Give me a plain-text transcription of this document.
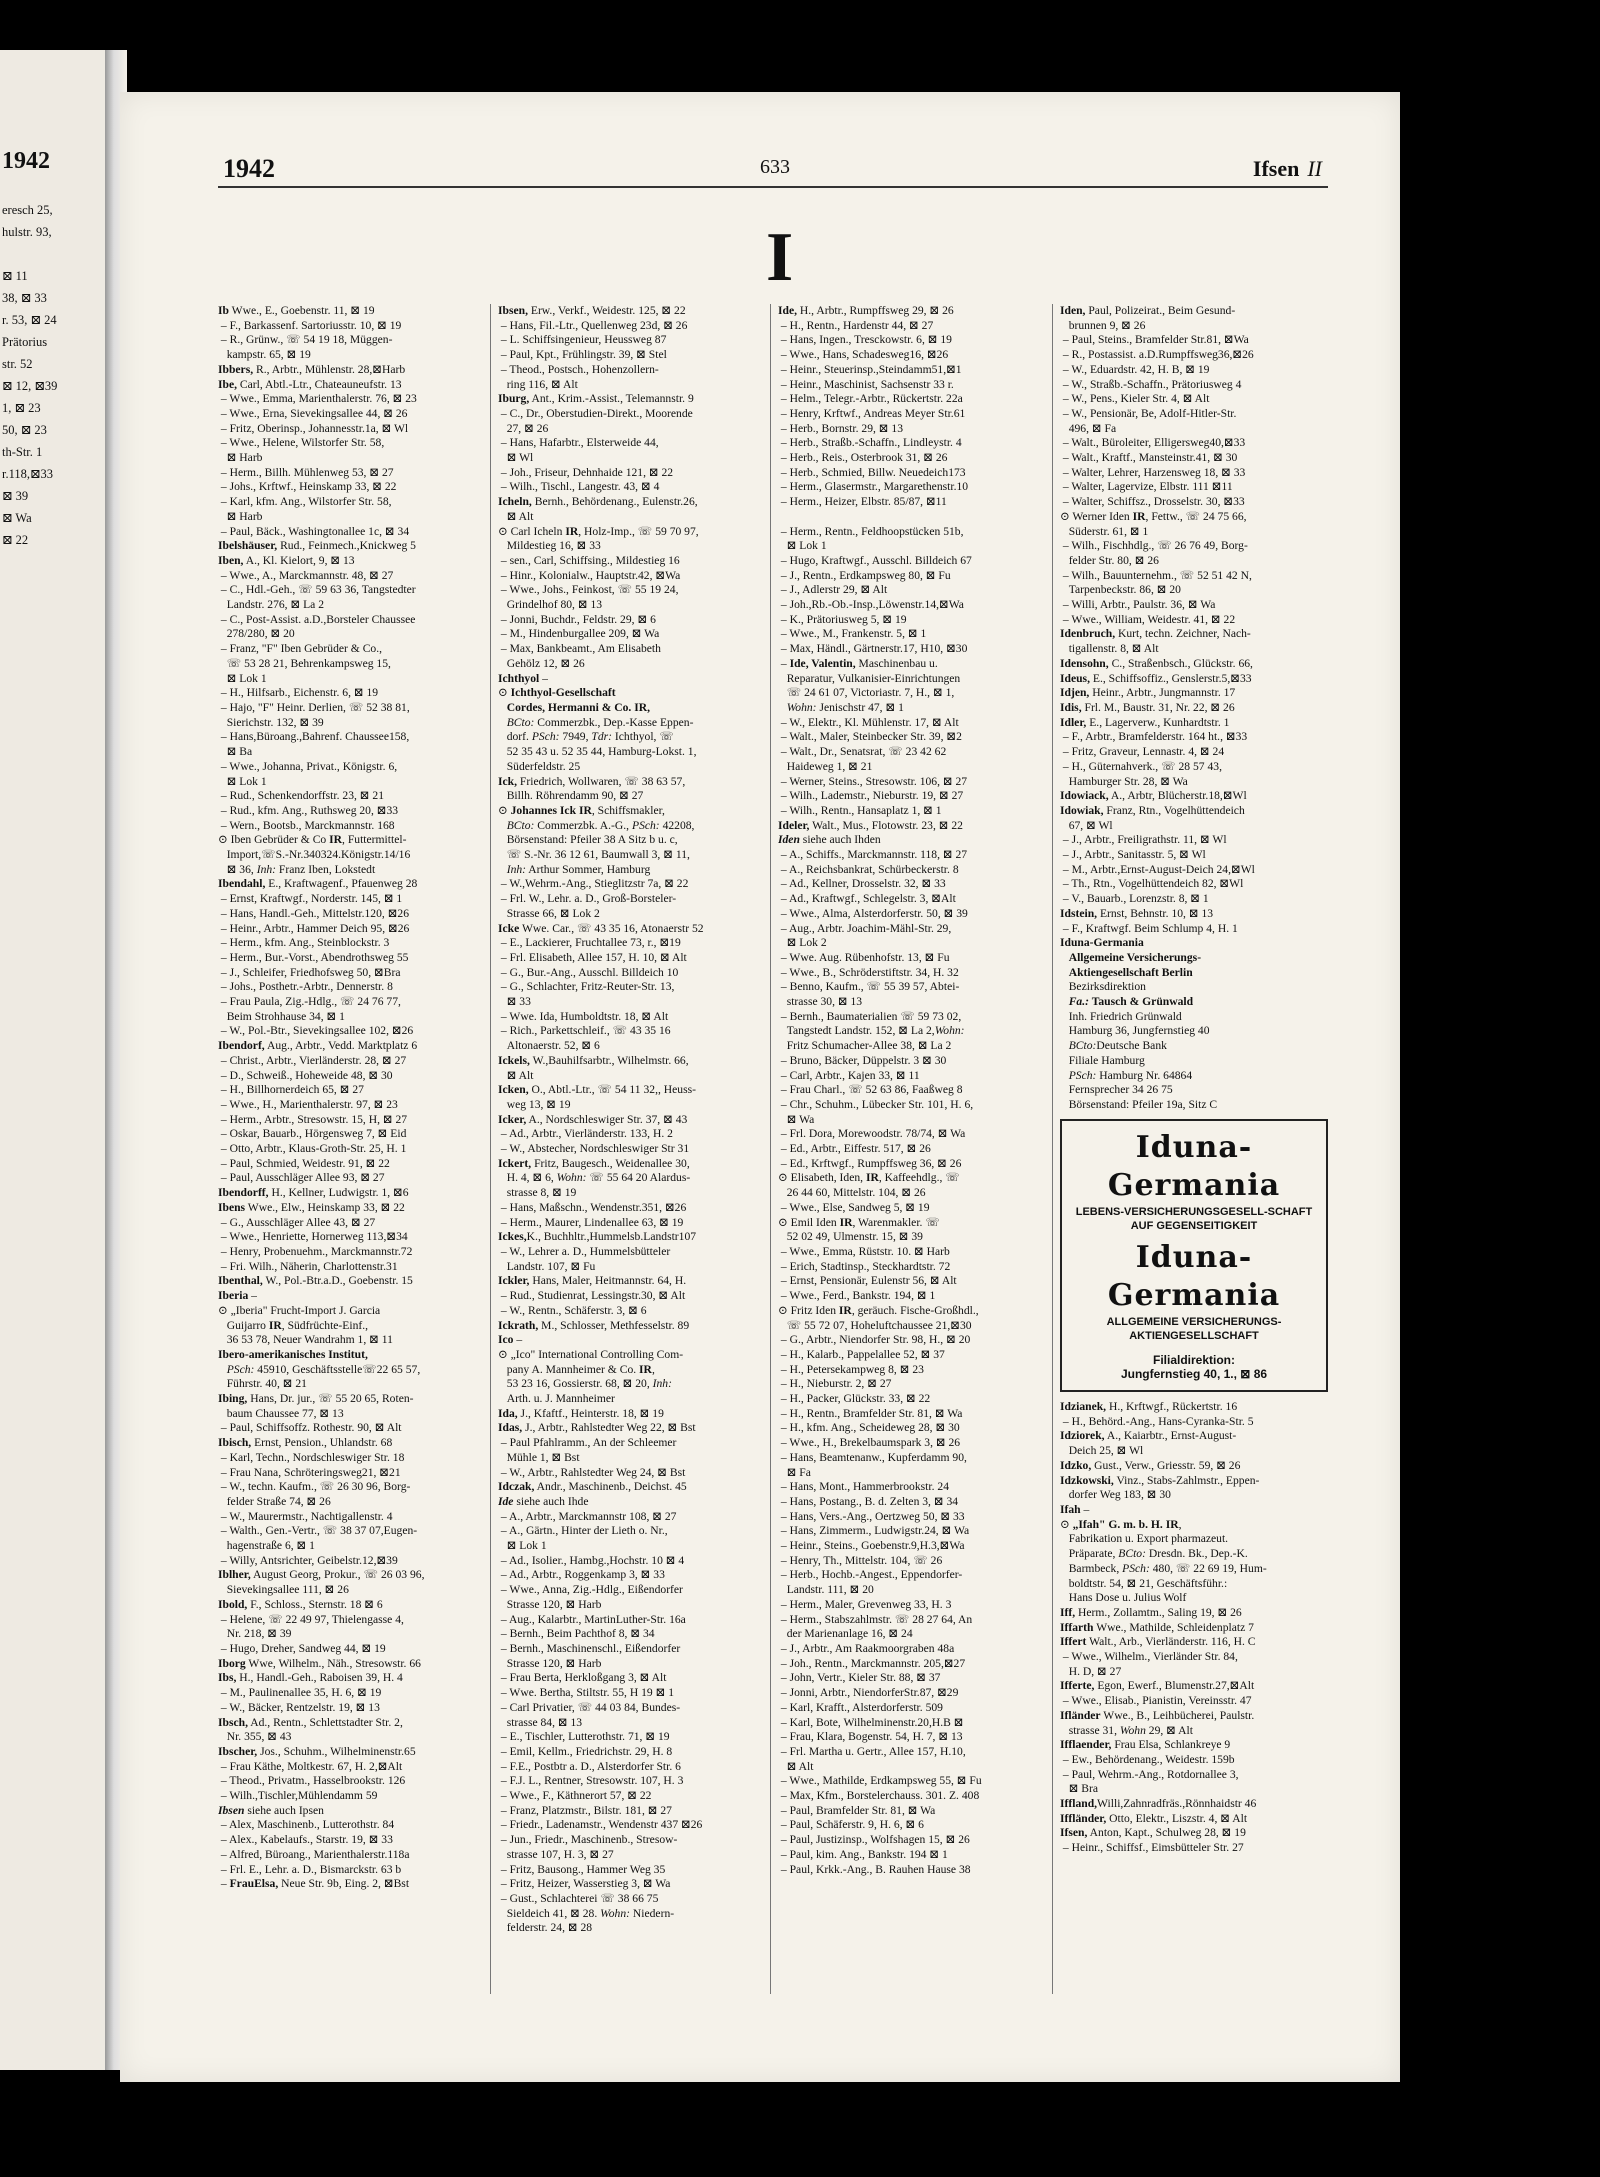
1942
eresch 25,
hulstr. 93,
⊠ 11
38, ⊠ 33
r. 53, ⊠ 24
Prätorius
str. 52
⊠ 12, ⊠39
1, ⊠ 23
50, ⊠ 23
th-Str. 1
r.118,⊠33
⊠ 39
⊠ Wa
⊠ 22
1942	633	Ifsen II
I
Ib Wwe., E., Goebenstr. 11, ⊠ 19
– F., Barkassenf. Sartoriusstr. 10, ⊠ 19
– R., Grünw., ☏ 54 19 18, Müggen-
kampstr. 65, ⊠ 19
Ibbers, R., Arbtr., Mühlenstr. 28,⊠Harb
Ibe, Carl, Abtl.-Ltr., Chateauneufstr. 13
– Wwe., Emma, Marienthalerstr. 76, ⊠ 23
– Wwe., Erna, Sievekingsallee 44, ⊠ 26
– Fritz, Oberinsp., Johannesstr.1a, ⊠ Wl
– Wwe., Helene, Wilstorfer Str. 58,
⊠ Harb
– Herm., Billh. Mühlenweg 53, ⊠ 27
– Johs., Krftwf., Heinskamp 33, ⊠ 22
– Karl, kfm. Ang., Wilstorfer Str. 58,
⊠ Harb
– Paul, Bäck., Washingtonallee 1c, ⊠ 34
Ibelshäuser, Rud., Feinmech.,Knickweg 5
Iben, A., Kl. Kielort, 9, ⊠ 13
– Wwe., A., Marckmannstr. 48, ⊠ 27
– C., Hdl.-Geh., ☏ 59 63 36, Tangstedter
Landstr. 276, ⊠ La 2
– C., Post-Assist. a.D.,Borsteler Chaussee
278/280, ⊠ 20
– Franz, "F" Iben Gebrüder & Co.,
☏ 53 28 21, Behrenkampsweg 15,
⊠ Lok 1
– H., Hilfsarb., Eichenstr. 6, ⊠ 19
– Hajo, "F" Heinr. Derlien, ☏ 52 38 81,
Sierichstr. 132, ⊠ 39
– Hans,Büroang.,Bahrenf. Chaussee158,
⊠ Ba
– Wwe., Johanna, Privat., Königstr. 6,
⊠ Lok 1
– Rud., Schenkendorffstr. 23, ⊠ 21
– Rud., kfm. Ang., Ruthsweg 20, ⊠33
– Wern., Bootsb., Marckmannstr. 168
⊙ Iben Gebrüder & Co IR, Futtermittel-
Import,☏S.-Nr.340324.Königstr.14/16
⊠ 36, Inh: Franz Iben, Lokstedt
Ibendahl, E., Kraftwagenf., Pfauenweg 28
– Ernst, Kraftwgf., Norderstr. 145, ⊠ 1
– Hans, Handl.-Geh., Mittelstr.120, ⊠26
– Heinr., Arbtr., Hammer Deich 95, ⊠26
– Herm., kfm. Ang., Steinblockstr. 3
– Herm., Bur.-Vorst., Abendrothsweg 55
– J., Schleifer, Friedhofsweg 50, ⊠Bra
– Johs., Posthetr.-Arbtr., Dennerstr. 8
– Frau Paula, Zig.-Hdlg., ☏ 24 76 77,
Beim Strohhause 34, ⊠ 1
– W., Pol.-Btr., Sievekingsallee 102, ⊠26
Ibendorf, Aug., Arbtr., Vedd. Marktplatz 6
– Christ., Arbtr., Vierländerstr. 28, ⊠ 27
– D., Schweiß., Hoheweide 48, ⊠ 30
– H., Billhornerdeich 65, ⊠ 27
– Wwe., H., Marienthalerstr. 97, ⊠ 23
– Herm., Arbtr., Stresowstr. 15, H, ⊠ 27
– Oskar, Bauarb., Hörgensweg 7, ⊠ Eid
– Otto, Arbtr., Klaus-Groth-Str. 25, H. 1
– Paul, Schmied, Weidestr. 91, ⊠ 22
– Paul, Ausschläger Allee 93, ⊠ 27
Ibendorff, H., Kellner, Ludwigstr. 1, ⊠6
Ibens Wwe., Elw., Heinskamp 33, ⊠ 22
– G., Ausschläger Allee 43, ⊠ 27
– Wwe., Henriette, Hornerweg 113,⊠34
– Henry, Probenuehm., Marckmannstr.72
– Fri. Wilh., Näherin, Charlottenstr.31
Ibenthal, W., Pol.-Btr.a.D., Goebenstr. 15
Iberia –
⊙ „Iberia" Frucht-Import J. Garcia
Guijarro IR, Südfrüchte-Einf.,
36 53 78, Neuer Wandrahm 1, ⊠ 11
Ibero-amerikanisches Institut,
PSch: 45910, Geschäftsstelle☏22 65 57,
Führstr. 40, ⊠ 21
Ibing, Hans, Dr. jur., ☏ 55 20 65, Roten-
baum Chaussee 77, ⊠ 13
– Paul, Schiffsoffz. Rothestr. 90, ⊠ Alt
Ibisch, Ernst, Pension., Uhlandstr. 68
– Karl, Techn., Nordschleswiger Str. 18
– Frau Nana, Schröteringsweg21, ⊠21
– W., techn. Kaufm., ☏ 26 30 96, Borg-
felder Straße 74, ⊠ 26
– W., Maurermstr., Nachtigallenstr. 4
– Walth., Gen.-Vertr., ☏ 38 37 07,Eugen-
hagenstraße 6, ⊠ 1
– Willy, Antsrichter, Geibelstr.12,⊠39
Iblher, August Georg, Prokur., ☏ 26 03 96,
Sievekingsallee 111, ⊠ 26
Ibold, F., Schloss., Sternstr. 18 ⊠ 6
– Helene, ☏ 22 49 97, Thielengasse 4,
Nr. 218, ⊠ 39
– Hugo, Dreher, Sandweg 44, ⊠ 19
Iborg Wwe, Wilhelm., Näh., Stresowstr. 66
Ibs, H., Handl.-Geh., Raboisen 39, H. 4
– M., Paulinenallee 35, H. 6, ⊠ 19
– W., Bäcker, Rentzelstr. 19, ⊠ 13
Ibsch, Ad., Rentn., Schlettstadter Str. 2,
Nr. 355, ⊠ 43
Ibscher, Jos., Schuhm., Wilhelminenstr.65
– Frau Käthe, Moltkestr. 67, H. 2,⊠Alt
– Theod., Privatm., Hasselbrookstr. 126
– Wilh.,Tischler,Mühlendamm 59
Ibsen siehe auch Ipsen
– Alex, Maschinenb., Lutterothstr. 84
– Alex., Kabelaufs., Starstr. 19, ⊠ 33
– Alfred, Büroang., Marienthalerstr.118a
– Frl. E., Lehr. a. D., Bismarckstr. 63 b
– FrauElsa, Neue Str. 9b, Eing. 2, ⊠Bst
Ibsen, Erw., Verkf., Weidestr. 125, ⊠ 22
– Hans, Fil.-Ltr., Quellenweg 23d, ⊠ 26
– L. Schiffsingenieur, Heussweg 87
– Paul, Kpt., Frühlingstr. 39, ⊠ Stel
– Theod., Postsch., Hohenzollern-
ring 116, ⊠ Alt
Iburg, Ant., Krim.-Assist., Telemannstr. 9
– C., Dr., Oberstudien-Direkt., Moorende
27, ⊠ 26
– Hans, Hafarbtr., Elsterweide 44,
⊠ Wl
– Joh., Friseur, Dehnhaide 121, ⊠ 22
– Wilh., Tischl., Langestr. 43, ⊠ 4
Icheln, Bernh., Behördenang., Eulenstr.26,
⊠ Alt
⊙ Carl Icheln IR, Holz-Imp., ☏ 59 70 97,
Mildestieg 16, ⊠ 33
– sen., Carl, Schiffsing., Mildestieg 16
– Hinr., Kolonialw., Hauptstr.42, ⊠Wa
– Wwe., Johs., Feinkost, ☏ 55 19 24,
Grindelhof 80, ⊠ 13
– Jonni, Buchdr., Feldstr. 29, ⊠ 6
– M., Hindenburgallee 209, ⊠ Wa
– Max, Bankbeamt., Am Elisabeth
Gehölz 12, ⊠ 26
Ichthyol –
⊙ Ichthyol-Gesellschaft
Cordes, Hermanni & Co. IR,
BCto: Commerzbk., Dep.-Kasse Eppen-
dorf. PSch: 7949, Tdr: Ichthyol, ☏
52 35 43 u. 52 35 44, Hamburg-Lokst. 1,
Süderfeldstr. 25
Ick, Friedrich, Wollwaren, ☏ 38 63 57,
Billh. Röhrendamm 90, ⊠ 27
⊙ Johannes Ick IR, Schiffsmakler,
BCto: Commerzbk. A.-G., PSch: 42208,
Börsenstand: Pfeiler 38 A Sitz b u. c,
☏ S.-Nr. 36 12 61, Baumwall 3, ⊠ 11,
Inh: Arthur Sommer, Hamburg
– W.,Wehrm.-Ang., Stieglitzstr 7a, ⊠ 22
– Frl. W., Lehr. a. D., Groß-Borsteler-
Strasse 66, ⊠ Lok 2
Icke Wwe. Car., ☏ 43 35 16, Atonaerstr 52
– E., Lackierer, Fruchtallee 73, r., ⊠19
– Frl. Elisabeth, Allee 157, H. 10, ⊠ Alt
– G., Bur.-Ang., Ausschl. Billdeich 10
– G., Schlachter, Fritz-Reuter-Str. 13,
⊠ 33
– Wwe. Ida, Humboldtstr. 18, ⊠ Alt
– Rich., Parkettschleif., ☏ 43 35 16
Altonaerstr. 52, ⊠ 6
Ickels, W.,Bauhilfsarbtr., Wilhelmstr. 66,
⊠ Alt
Icken, O., Abtl.-Ltr., ☏ 54 11 32,, Heuss-
weg 13, ⊠ 19
Icker, A., Nordschleswiger Str. 37, ⊠ 43
– Ad., Arbtr., Vierländerstr. 133, H. 2
– W., Abstecher, Nordschleswiger Str 31
Ickert, Fritz, Baugesch., Weidenallee 30,
H. 4, ⊠ 6, Wohn: ☏ 55 64 20 Alardus-
strasse 8, ⊠ 19
– Hans, Maßschn., Wendenstr.351, ⊠26
– Herm., Maurer, Lindenallee 63, ⊠ 19
Ickes,K., Buchhltr.,Hummelsb.Landstr107
– W., Lehrer a. D., Hummelsbütteler
Landstr. 107, ⊠ Fu
Ickler, Hans, Maler, Heitmannstr. 64, H.
– Rud., Studienrat, Lessingstr.30, ⊠ Alt
– W., Rentn., Schäferstr. 3, ⊠ 6
Ickrath, M., Schlosser, Methfesselstr. 89
Ico –
⊙ „Ico" International Controlling Com-
pany A. Mannheimer & Co. IR,
53 23 16, Gossierstr. 68, ⊠ 20, Inh:
Arth. u. J. Mannheimer
Ida, J., Kfaftf., Heinterstr. 18, ⊠ 19
Idas, J., Arbtr., Rahlstedter Weg 22, ⊠ Bst
– Paul Pfahlramm., An der Schleemer
Mühle 1, ⊠ Bst
– W., Arbtr., Rahlstedter Weg 24, ⊠ Bst
Idczak, Andr., Maschinenb., Deichst. 45
Ide siehe auch Ihde
– A., Arbtr., Marckmannstr 108, ⊠ 27
– A., Gärtn., Hinter der Lieth o. Nr.,
⊠ Lok 1
– Ad., Isolier., Hambg.,Hochstr. 10 ⊠ 4
– Ad., Arbtr., Roggenkamp 3, ⊠ 33
– Wwe., Anna, Zig.-Hdlg., Eißendorfer
Strasse 120, ⊠ Harb
– Aug., Kalarbtr., MartinLuther-Str. 16a
– Bernh., Beim Pachthof 8, ⊠ 34
– Bernh., Maschinenschl., Eißendorfer
Strasse 120, ⊠ Harb
– Frau Berta, Herkloßgang 3, ⊠ Alt
– Wwe. Bertha, Stiltstr. 55, H 19 ⊠ 1
– Carl Privatier, ☏ 44 03 84, Bundes-
strasse 84, ⊠ 13
– E., Tischler, Lutterothstr. 71, ⊠ 19
– Emil, Kellm., Friedrichstr. 29, H. 8
– F.E., Postbtr a. D., Alsterdorfer Str. 6
– F.J. L., Rentner, Stresowstr. 107, H. 3
– Wwe., F., Käthnerort 57, ⊠ 22
– Franz, Platzmstr., Bilstr. 181, ⊠ 27
– Friedr., Ladenamstr., Wendenstr 437 ⊠26
– Jun., Friedr., Maschinenb., Stresow-
strasse 107, H. 3, ⊠ 27
– Fritz, Bausong., Hammer Weg 35
– Fritz, Heizer, Wasserstieg 3, ⊠ Wa
– Gust., Schlachterei ☏ 38 66 75
Sieldeich 41, ⊠ 28. Wohn: Niedern-
felderstr. 24, ⊠ 28
Ide, H., Arbtr., Rumpffsweg 29, ⊠ 26
– H., Rentn., Hardenstr 44, ⊠ 27
– Hans, Ingen., Tresckowstr. 6, ⊠ 19
– Wwe., Hans, Schadesweg16, ⊠26
– Heinr., Steuerinsp.,Steindamm51,⊠1
– Heinr., Maschinist, Sachsenstr 33 r.
– Helm., Telegr.-Arbtr., Rückertstr. 22a
– Henry, Krftwf., Andreas Meyer Str.61
– Herb., Bornstr. 29, ⊠ 13
– Herb., Straßb.-Schaffn., Lindleystr. 4
– Herb., Reis., Osterbrook 31, ⊠ 26
– Herb., Schmied, Billw. Neuedeich173
– Herm., Glasermstr., Margarethenstr.10
– Herm., Heizer, Elbstr. 85/87, ⊠11

– Herm., Rentn., Feldhoopstücken 51b,
⊠ Lok 1
– Hugo, Kraftwgf., Ausschl. Billdeich 67
– J., Rentn., Erdkampsweg 80, ⊠ Fu
– J., Adlerstr 29, ⊠ Alt
– Joh.,Rb.-Ob.-Insp.,Löwenstr.14,⊠Wa
– K., Prätoriusweg 5, ⊠ 19
– Wwe., M., Frankenstr. 5, ⊠ 1
– Max, Händl., Gärtnerstr.17, H10, ⊠30
– Ide, Valentin, Maschinenbau u.
Reparatur, Vulkanisier-Einrichtungen
☏ 24 61 07, Victoriastr. 7, H., ⊠ 1,
Wohn: Jenischstr 47, ⊠ 1
– W., Elektr., Kl. Mühlenstr. 17, ⊠ Alt
– Walt., Maler, Steinbecker Str. 39, ⊠2
– Walt., Dr., Senatsrat, ☏ 23 42 62
Haideweg 1, ⊠ 21
– Werner, Steins., Stresowstr. 106, ⊠ 27
– Wilh., Lademstr., Nieburstr. 19, ⊠ 27
– Wilh., Rentn., Hansaplatz 1, ⊠ 1
Ideler, Walt., Mus., Flotowstr. 23, ⊠ 22
Iden siehe auch Ihden
– A., Schiffs., Marckmannstr. 118, ⊠ 27
– A., Reichsbankrat, Schürbeckerstr. 8
– Ad., Kellner, Drosselstr. 32, ⊠ 33
– Ad., Kraftwgf., Schlegelstr. 3, ⊠Alt
– Wwe., Alma, Alsterdorferstr. 50, ⊠ 39
– Aug., Arbtr. Joachim-Mähl-Str. 29,
⊠ Lok 2
– Wwe. Aug. Rübenhofstr. 13, ⊠ Fu
– Wwe., B., Schröderstiftstr. 34, H. 32
– Benno, Kaufm., ☏ 55 39 57, Abtei-
strasse 30, ⊠ 13
– Bernh., Baumaterialien ☏ 59 73 02,
Tangstedt Landstr. 152, ⊠ La 2,Wohn:
Fritz Schumacher-Allee 38, ⊠ La 2
– Bruno, Bäcker, Düppelstr. 3 ⊠ 30
– Carl, Arbtr., Kajen 33, ⊠ 11
– Frau Charl., ☏ 52 63 86, Faaßweg 8
– Chr., Schuhm., Lübecker Str. 101, H. 6,
⊠ Wa
– Frl. Dora, Morewoodstr. 78/74, ⊠ Wa
– Ed., Arbtr., Eiffestr. 517, ⊠ 26
– Ed., Krftwgf., Rumpffsweg 36, ⊠ 26
⊙ Elisabeth, Iden, IR, Kaffeehdlg., ☏
26 44 60, Mittelstr. 104, ⊠ 26
– Wwe., Else, Sandweg 5, ⊠ 19
⊙ Emil Iden IR, Warenmakler. ☏
52 02 49, Ulmenstr. 15, ⊠ 39
– Wwe., Emma, Rüststr. 10. ⊠ Harb
– Erich, Stadtinsp., Steckhardtstr. 72
– Ernst, Pensionär, Eulenstr 56, ⊠ Alt
– Wwe., Ferd., Bankstr. 194, ⊠ 1
⊙ Fritz Iden IR, geräuch. Fische-Großhdl.,
☏ 55 72 07, Hoheluftchaussee 21,⊠30
– G., Arbtr., Niendorfer Str. 98, H., ⊠ 20
– H., Kalarb., Pappelallee 52, ⊠ 37
– H., Petersekampweg 8, ⊠ 23
– H., Nieburstr. 2, ⊠ 27
– H., Packer, Glückstr. 33, ⊠ 22
– H., Rentn., Bramfelder Str. 81, ⊠ Wa
– H., kfm. Ang., Scheideweg 28, ⊠ 30
– Wwe., H., Brekelbaumspark 3, ⊠ 26
– Hans, Beamtenanw., Kupferdamm 90,
⊠ Fa
– Hans, Mont., Hammerbrookstr. 24
– Hans, Postang., B. d. Zelten 3, ⊠ 34
– Hans, Vers.-Ang., Oertzweg 50, ⊠ 33
– Hans, Zimmerm., Ludwigstr.24, ⊠ Wa
– Heinr., Steins., Goebenstr.9,H.3,⊠Wa
– Henry, Th., Mittelstr. 104, ☏ 26
– Herb., Hochb.-Angest., Eppendorfer-
Landstr. 111, ⊠ 20
– Herm., Maler, Grevenweg 33, H. 3
– Herm., Stabszahlmstr. ☏ 28 27 64, An
der Marienanlage 16, ⊠ 24
– J., Arbtr., Am Raakmoorgraben 48a
– Joh., Rentn., Marckmannstr. 205,⊠27
– John, Vertr., Kieler Str. 88, ⊠ 37
– Jonni, Arbtr., NiendorferStr.87, ⊠29
– Karl, Krafft., Alsterdorferstr. 509
– Karl, Bote, Wilhelminenstr.20,H.B ⊠
– Frau, Klara, Bogenstr. 54, H. 7, ⊠ 13
– Frl. Martha u. Gertr., Allee 157, H.10,
⊠ Alt
– Wwe., Mathilde, Erdkampsweg 55, ⊠ Fu
– Max, Kfm., Borstelerchauss. 301. Z. 408
– Paul, Bramfelder Str. 81, ⊠ Wa
– Paul, Schäferstr. 9, H. 6, ⊠ 6
– Paul, Justizinsp., Wolfshagen 15, ⊠ 26
– Paul, kim. Ang., Bankstr. 194 ⊠ 1
– Paul, Krkk.-Ang., B. Rauhen Hause 38
Iden, Paul, Polizeirat., Beim Gesund-
brunnen 9, ⊠ 26
– Paul, Steins., Bramfelder Str.81, ⊠Wa
– R., Postassist. a.D.Rumpffsweg36,⊠26
– W., Eduardstr. 42, H. B, ⊠ 19
– W., Straßb.-Schaffn., Prätoriusweg 4
– W., Pens., Kieler Str. 4, ⊠ Alt
– W., Pensionär, Be, Adolf-Hitler-Str.
496, ⊠ Fa
– Walt., Büroleiter, Elligersweg40,⊠33
– Walt., Kraftf., Mansteinstr.41, ⊠ 30
– Walter, Lehrer, Harzensweg 18, ⊠ 33
– Walter, Lagervize, Elbstr. 111 ⊠11
– Walter, Schiffsz., Drosselstr. 30, ⊠33
⊙ Werner Iden IR, Fettw., ☏ 24 75 66,
Süderstr. 61, ⊠ 1
– Wilh., Fischhdlg., ☏ 26 76 49, Borg-
felder Str. 80, ⊠ 26
– Wilh., Bauunternehm., ☏ 52 51 42 N,
Tarpenbeckstr. 86, ⊠ 20
– Willi, Arbtr., Paulstr. 36, ⊠ Wa
– Wwe., William, Weidestr. 41, ⊠ 22
Idenbruch, Kurt, techn. Zeichner, Nach-
tigallenstr. 8, ⊠ Alt
Idensohn, C., Straßenbsch., Glückstr. 66,
Ideus, E., Schiffsoffiz., Genslerstr.5,⊠33
Idjen, Heinr., Arbtr., Jungmannstr. 17
Idis, Frl. M., Baustr. 31, Nr. 22, ⊠ 26
Idler, E., Lagerverw., Kunhardtstr. 1
– F., Arbtr., Bramfelderstr. 164 ht., ⊠33
– Fritz, Graveur, Lennastr. 4, ⊠ 24
– H., Güternahverk., ☏ 28 57 43,
Hamburger Str. 28, ⊠ Wa
Idowiack, A., Arbtr, Blücherstr.18,⊠Wl
Idowiak, Franz, Rtn., Vogelhüttendeich
67, ⊠ Wl
– J., Arbtr., Freiligrathstr. 11, ⊠ Wl
– J., Arbtr., Sanitasstr. 5, ⊠ Wl
– M., Arbtr.,Ernst-August-Deich 24,⊠Wl
– Th., Rtn., Vogelhüttendeich 82, ⊠Wl
– V., Bauarb., Lorenzstr. 8, ⊠ 1
Idstein, Ernst, Behnstr. 10, ⊠ 13
– F., Kraftwgf. Beim Schlump 4, H. 1
Iduna-Germania
Allgemeine Versicherungs-
Aktiengesellschaft Berlin
Bezirksdirektion
Fa.: Tausch & Grünwald
Inh. Friedrich Grünwald
Hamburg 36, Jungfernstieg 40
BCto:Deutsche Bank
Filiale Hamburg
PSch: Hamburg Nr. 64864
Fernsprecher 34 26 75
Börsenstand: Pfeiler 19a, Sitz C
Iduna-Germania
LEBENS-VERSICHERUNGSGESELL-SCHAFT AUF GEGENSEITIGKEIT
Iduna-Germania
ALLGEMEINE VERSICHERUNGS-AKTIENGESELLSCHAFT
Filialdirektion:
Jungfernstieg 40, 1., ⊠ 86
Idzianek, H., Krftwgf., Rückertstr. 16
– H., Behörd.-Ang., Hans-Cyranka-Str. 5
Idziorek, A., Kaiarbtr., Ernst-August-
Deich 25, ⊠ Wl
Idzko, Gust., Verw., Griesstr. 59, ⊠ 26
Idzkowski, Vinz., Stabs-Zahlmstr., Eppen-
dorfer Weg 183, ⊠ 30
Ifah –
⊙ „Ifah" G. m. b. H. IR,
Fabrikation u. Export pharmazeut.
Präparate, BCto: Dresdn. Bk., Dep.-K.
Barmbeck, PSch: 480, ☏ 22 69 19, Hum-
boldtstr. 54, ⊠ 21, Geschäftsführ.:
Hans Dose u. Julius Wolf
Iff, Herm., Zollamtm., Saling 19, ⊠ 26
Iffarth Wwe., Mathilde, Schleidenplatz 7
Iffert Walt., Arb., Vierländerstr. 116, H. C
– Wwe., Wilhelm., Vierländer Str. 84,
H. D, ⊠ 27
Ifferte, Egon, Ewerf., Blumenstr.27,⊠Alt
– Wwe., Elisab., Pianistin, Vereinsstr. 47
Ifländer Wwe., B., Leihbücherei, Paulstr.
strasse 31, Wohn 29, ⊠ Alt
Ifflaender, Frau Elsa, Schlankreye 9
– Ew., Behördenang., Weidestr. 159b
– Paul, Wehrm.-Ang., Rotdornallee 3,
⊠ Bra
Iffland,Willi,Zahnradfräs.,Rönnhaidstr 46
Iffländer, Otto, Elektr., Liszstr. 4, ⊠ Alt
Ifsen, Anton, Kapt., Schulweg 28, ⊠ 19
– Heinr., Schiffsf., Eimsbütteler Str. 27
